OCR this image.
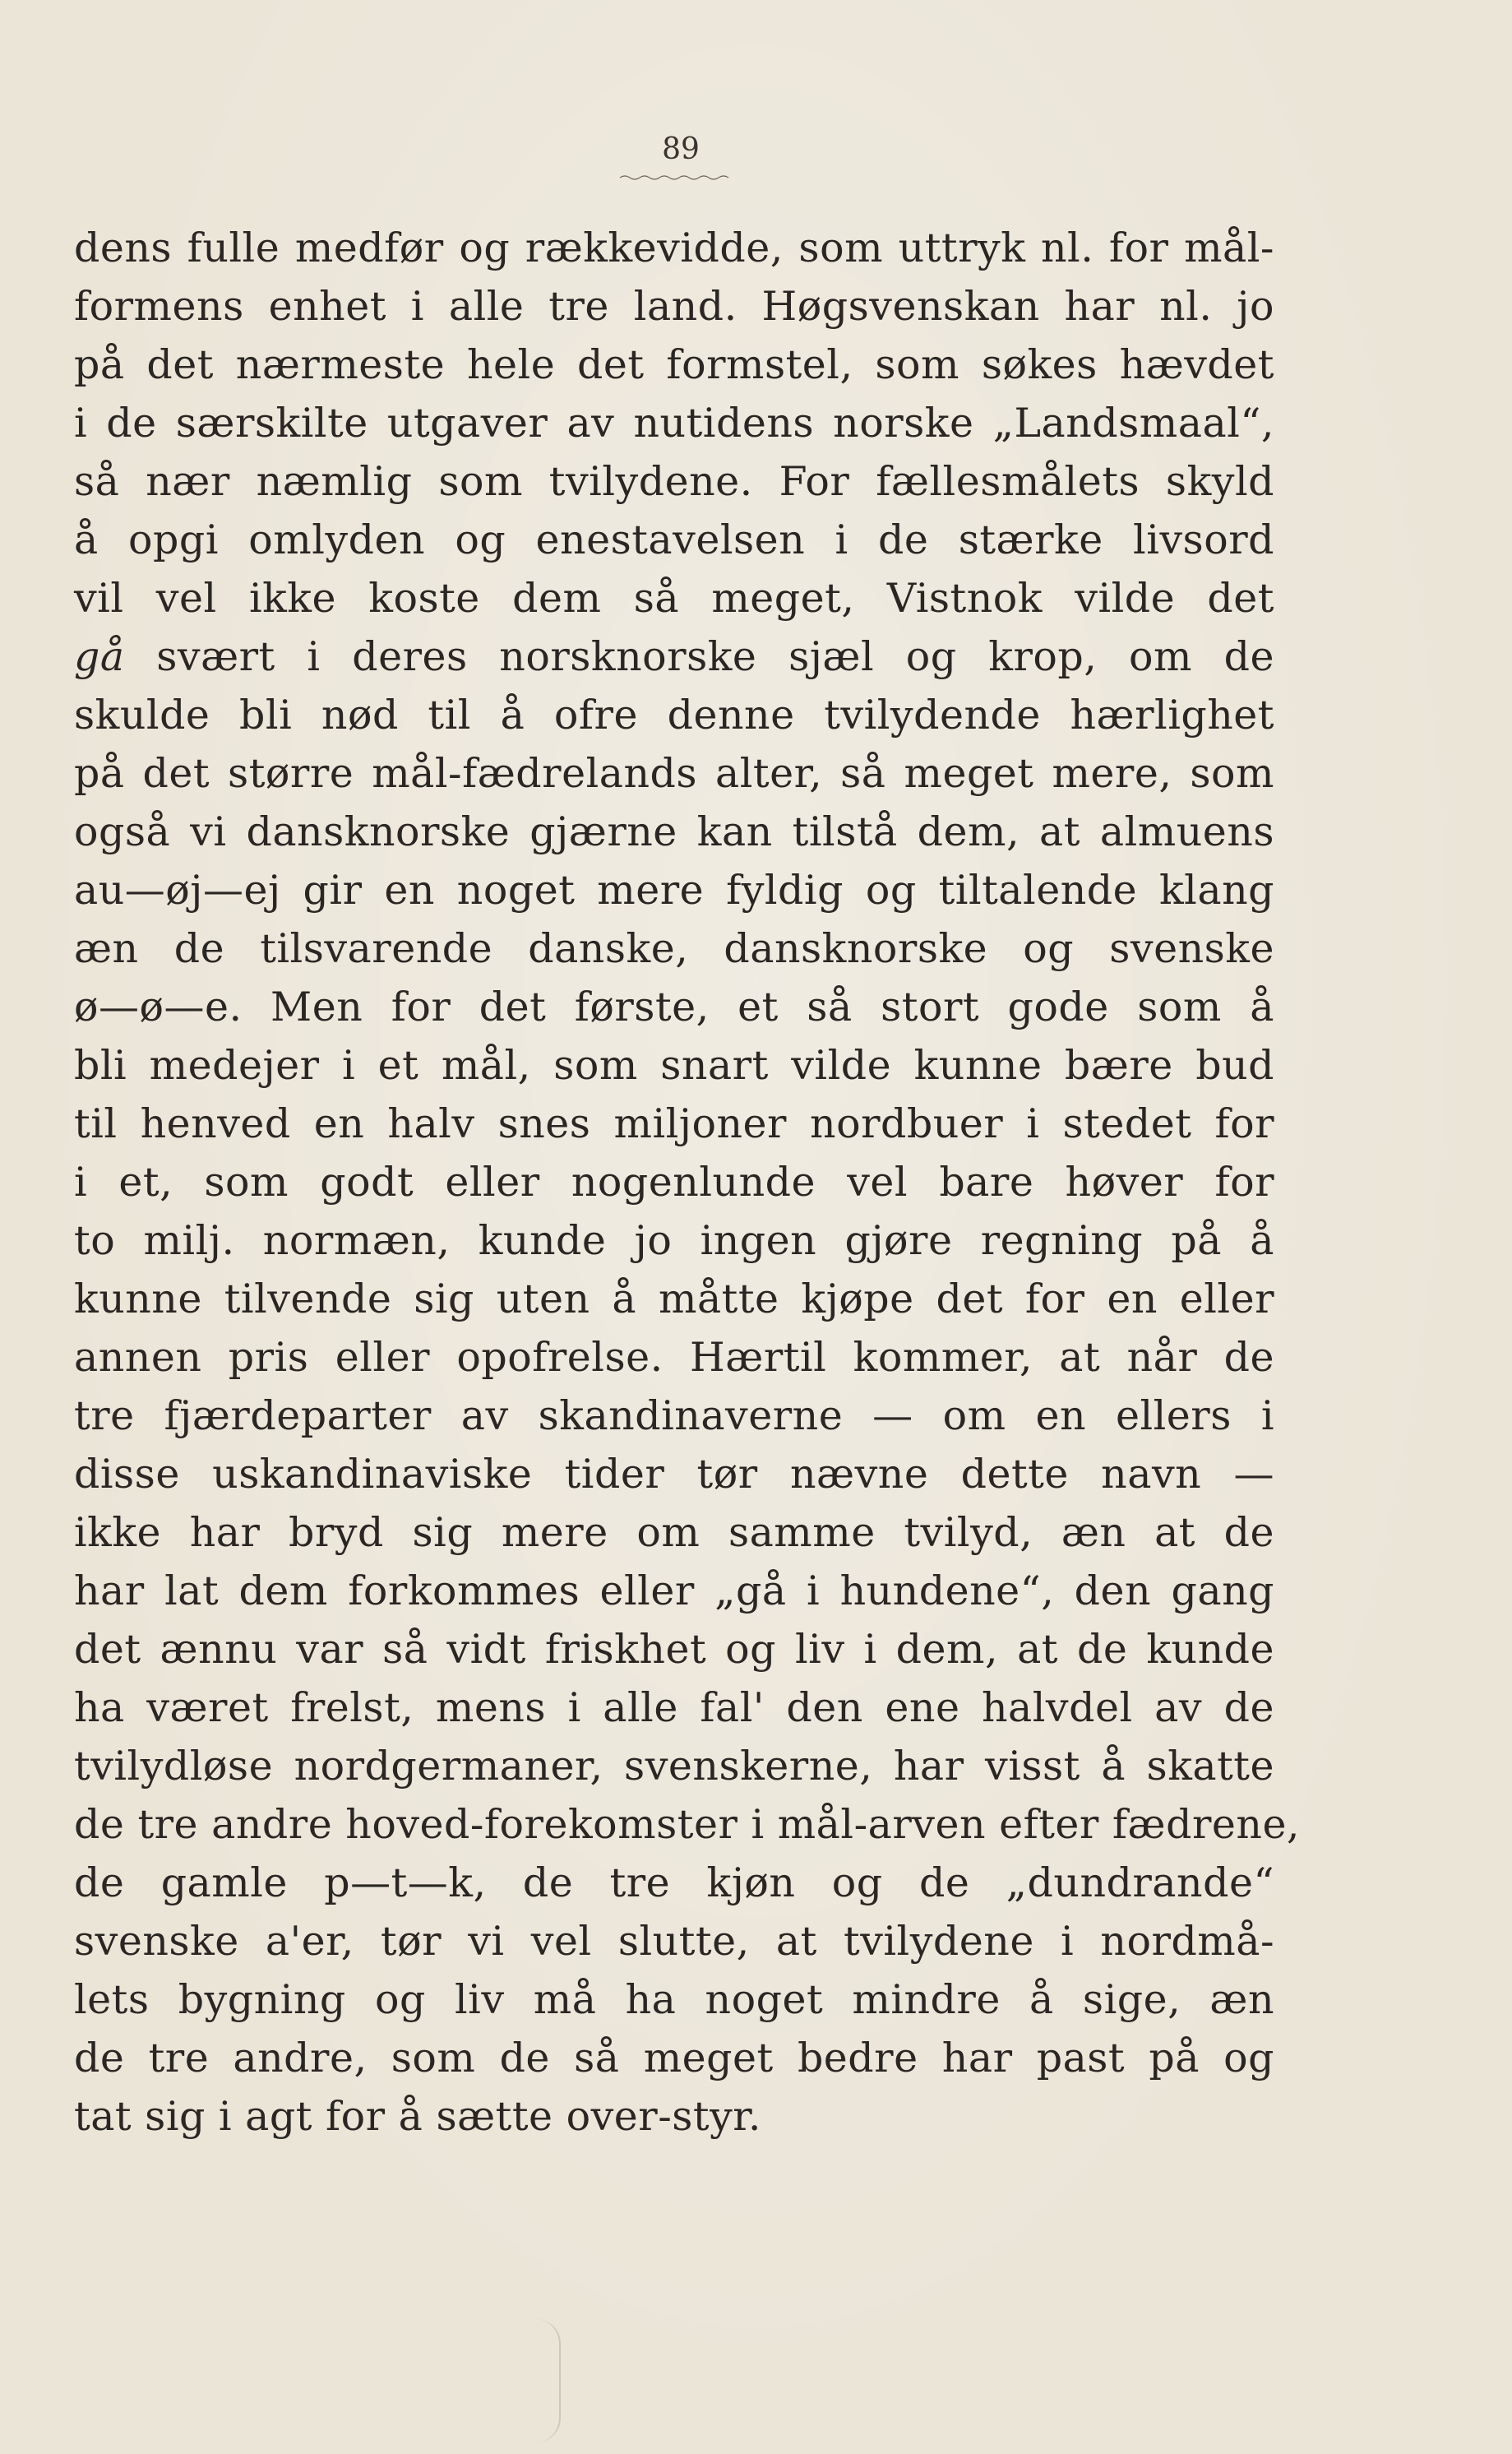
89
dens fulle medfør og rækkevidde, som uttryk nl. for mål-
formens enhet i alle tre land. Høgsvenskan har nl. jo
på det nærmeste hele det formstel, som søkes hævdet
i de særskilte utgaver av nutidens norske „Landsmaal“,
så nær næmlig som tvilydene. For fællesmålets skyld
å opgi omlyden og enestavelsen i de stærke livsord
vil vel ikke koste dem så meget, Vistnok vilde det
gå svært i deres norsknorske sjæl og krop, om de
skulde bli nød til å ofre denne tvilydende hærlighet
på det større mål-fædrelands alter, så meget mere, som
også vi dansknorske gjærne kan tilstå dem, at almuens
au—øj—ej gir en noget mere fyldig og tiltalende klang
æn de tilsvarende danske, dansknorske og svenske
ø—ø—e. Men for det første, et så stort gode som å
bli medejer i et mål, som snart vilde kunne bære bud
til henved en halv snes miljoner nordbuer i stedet for
i et, som godt eller nogenlunde vel bare høver for
to milj. normæn, kunde jo ingen gjøre regning på å
kunne tilvende sig uten å måtte kjøpe det for en eller
annen pris eller opofrelse. Hærtil kommer, at når de
tre fjærdeparter av skandinaverne — om en ellers i
disse uskandinaviske tider tør nævne dette navn —
ikke har bryd sig mere om samme tvilyd, æn at de
har lat dem forkommes eller „gå i hundene“, den gang
det ænnu var så vidt friskhet og liv i dem, at de kunde
ha været frelst, mens i alle fal' den ene halvdel av de
tvilydløse nordgermaner, svenskerne, har visst å skatte
de tre andre hoved-forekomster i mål-arven efter fædrene,
de gamle p—t—k, de tre kjøn og de „dundrande“
svenske a'er, tør vi vel slutte, at tvilydene i nordmå-
lets bygning og liv må ha noget mindre å sige, æn
de tre andre, som de så meget bedre har past på og
tat sig i agt for å sætte over-styr.
